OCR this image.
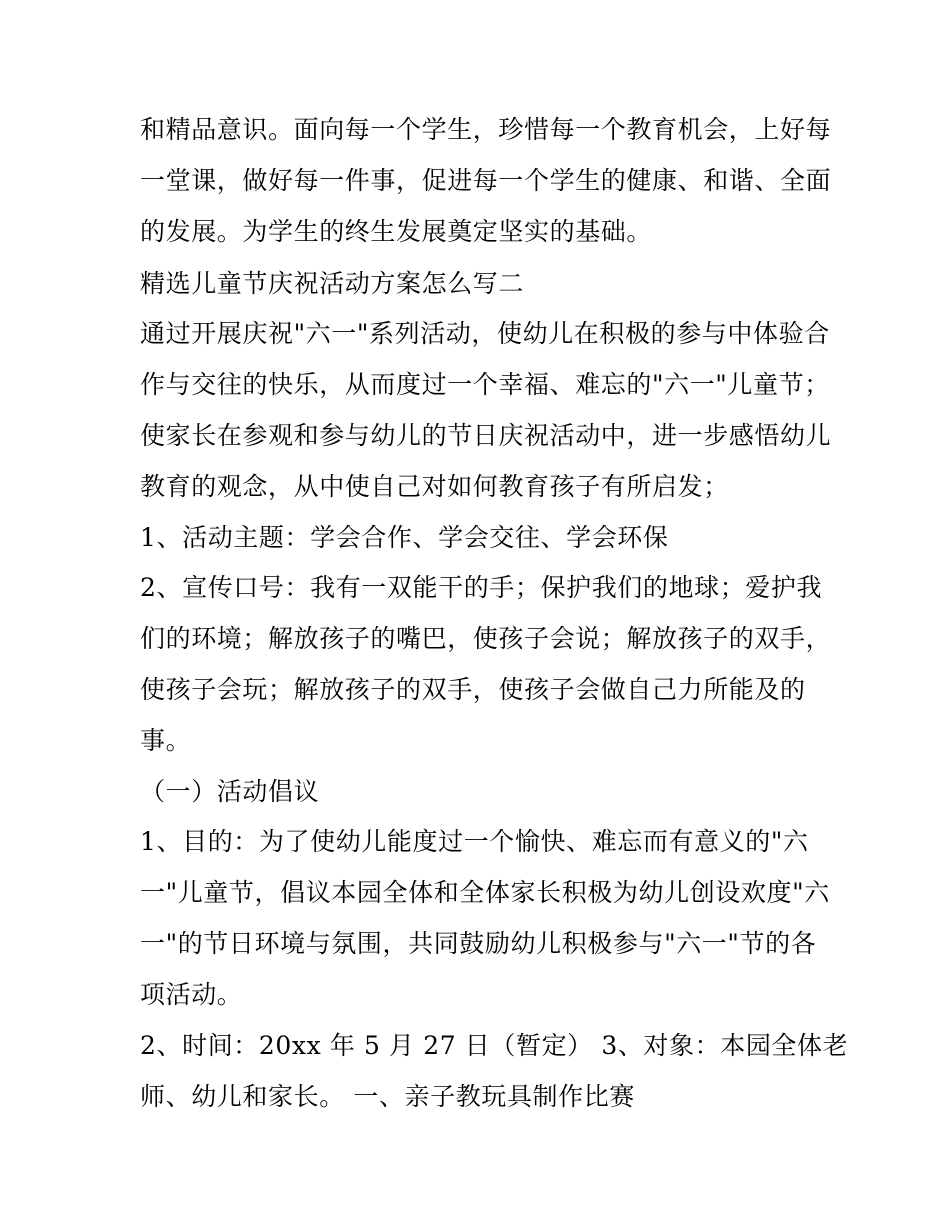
和精品意识。面向每一个学生，珍惜每一个教育机会，上好每
一堂课，做好每一件事，促进每一个学生的健康、和谐、全面
的发展。为学生的终生发展奠定坚实的基础。
精选儿童节庆祝活动方案怎么写二
通过开展庆祝"六一"系列活动，使幼儿在积极的参与中体验合
作与交往的快乐，从而度过一个幸福、难忘的"六一"儿童节；
使家长在参观和参与幼儿的节日庆祝活动中，进一步感悟幼儿
教育的观念，从中使自己对如何教育孩子有所启发；
1、活动主题：学会合作、学会交往、学会环保
2、宣传口号：我有一双能干的手；保护我们的地球；爱护我
们的环境；解放孩子的嘴巴，使孩子会说；解放孩子的双手，
使孩子会玩；解放孩子的双手，使孩子会做自己力所能及的
事。
（一）活动倡议
1、目的：为了使幼儿能度过一个愉快、难忘而有意义的"六
一"儿童节，倡议本园全体和全体家长积极为幼儿创设欢度"六
一"的节日环境与氛围，共同鼓励幼儿积极参与"六一"节的各
项活动。
2、时间：20xx 年 5 月 27 日（暂定） 3、对象：本园全体老
师、幼儿和家长。 一、亲子教玩具制作比赛
